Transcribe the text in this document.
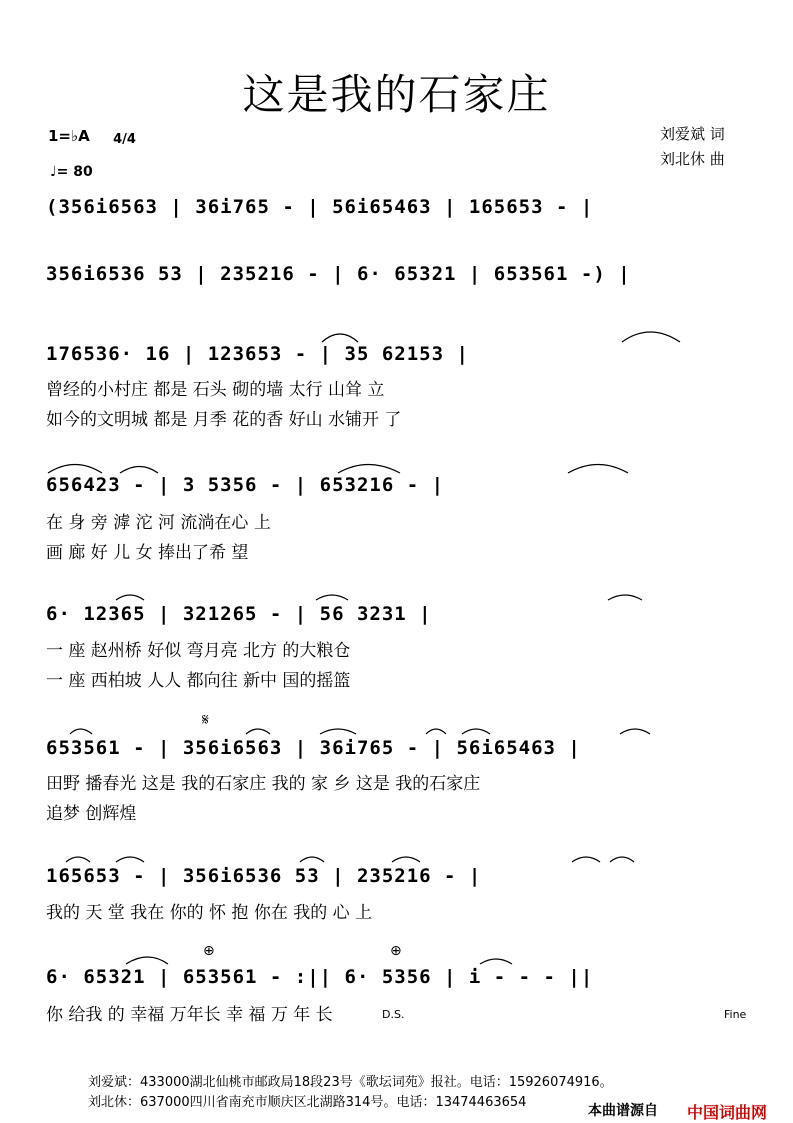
这是我的石家庄
1=♭A	4/4

♩= 80
刘爱斌 词
刘北休 曲
(356i6563 | 36i765 - | 56i65463 | 165653 - |
356i6536 53 | 235216 - | 6· 65321 | 653561 -) |
176536· 16 | 123653 - | 35 62153 |
曾经的小村庄 都是 石头 砌的墙 太行 山耸 立
如今的文明城 都是 月季 花的香 好山 水铺开 了
656423 - | 3 5356 - | 653216 - |
在 身 旁 滹 沱 河 流淌在心 上
画 廊 好 儿 女 捧出了希 望
6· 12365 | 321265 - | 56 3231 |
一 座 赵州桥 好似 弯月亮 北方 的大粮仓
一 座 西柏坡 人人 都向往 新中 国的摇篮
𝄋
653561 - | 356i6563 | 36i765 - | 56i65463 |
田野 播春光 这是 我的石家庄 我的 家 乡 这是 我的石家庄
追梦 创辉煌
165653 - | 356i6536 53 | 235216 - |
我的 天 堂 我在 你的 怀 抱 你在 我的 心 上
⊕	⊕
6· 65321 | 653561 - :|| 6· 5356 | i - - - ||
你 给我 的 幸福 万年长 幸 福 万 年 长	D.S.	Fine
刘爱斌：433000湖北仙桃市邮政局18段23号《歌坛词苑》报社。电话：15926074916。
刘北休：637000四川省南充市顺庆区北湖路314号。电话：13474463654
本曲谱源自 中国词曲网
